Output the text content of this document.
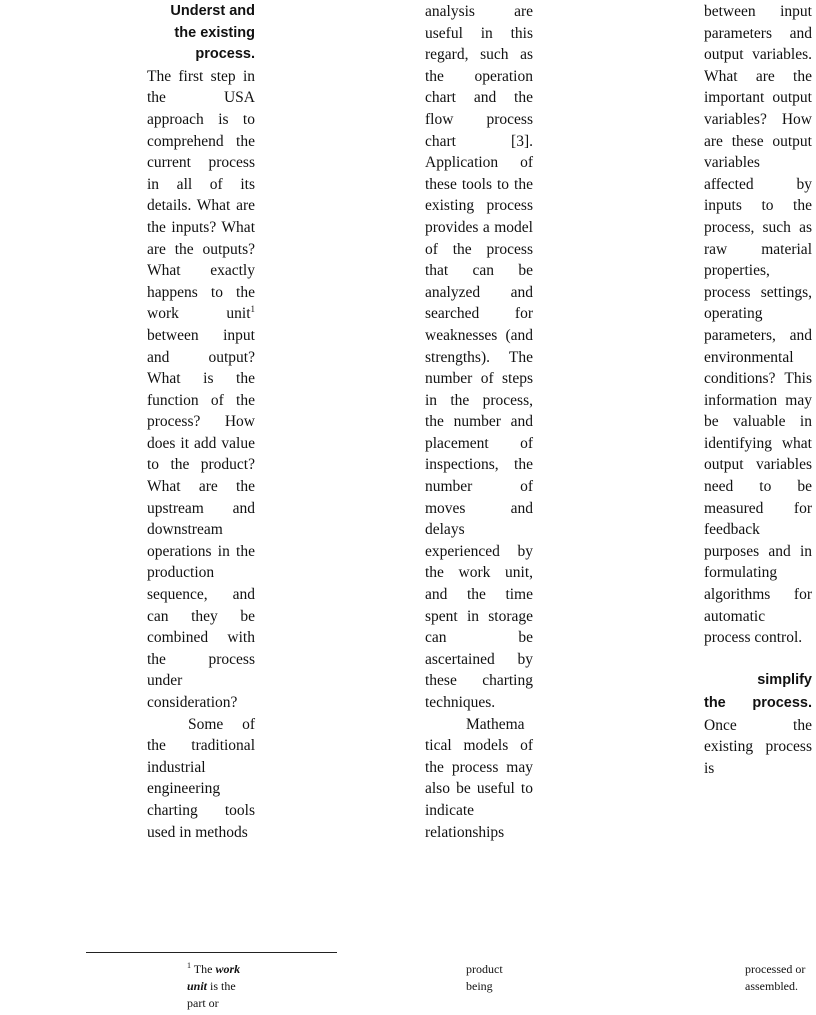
Underst and the existing process.
The first step in the USA approach is to comprehend the current process in all of its details. What are the inputs? What are the outputs? What exactly happens to the work unit$^1$ between input and output? What is the function of the process? How does it add value to the product? What are the upstream and downstream operations in the production sequence, and can they be combined with the process under consideration?

Some of the traditional industrial engineering charting tools used in methods

analysis are useful in this regard, such as the operation chart and the flow process chart [3]. Application of these tools to the existing process provides a model of the process that can be analyzed and searched for weaknesses (and strengths). The number of steps in the process, the number and placement of inspections, the number of moves and delays experienced by the work unit, and the time spent in storage can be ascertained by these charting techniques.

Mathema tical models of the process may also be useful to indicate relationships

between input parameters and output variables. What are the important output variables? How are these output variables affected by inputs to the process, such as raw material properties, process settings, operating parameters, and environmental conditions? This information may be valuable in identifying what output variables need to be measured for feedback purposes and in formulating algorithms for automatic process control.

simplify
the process. Once the existing process is

$^1$ The work unit is the part or
product being
processed or assembled.
